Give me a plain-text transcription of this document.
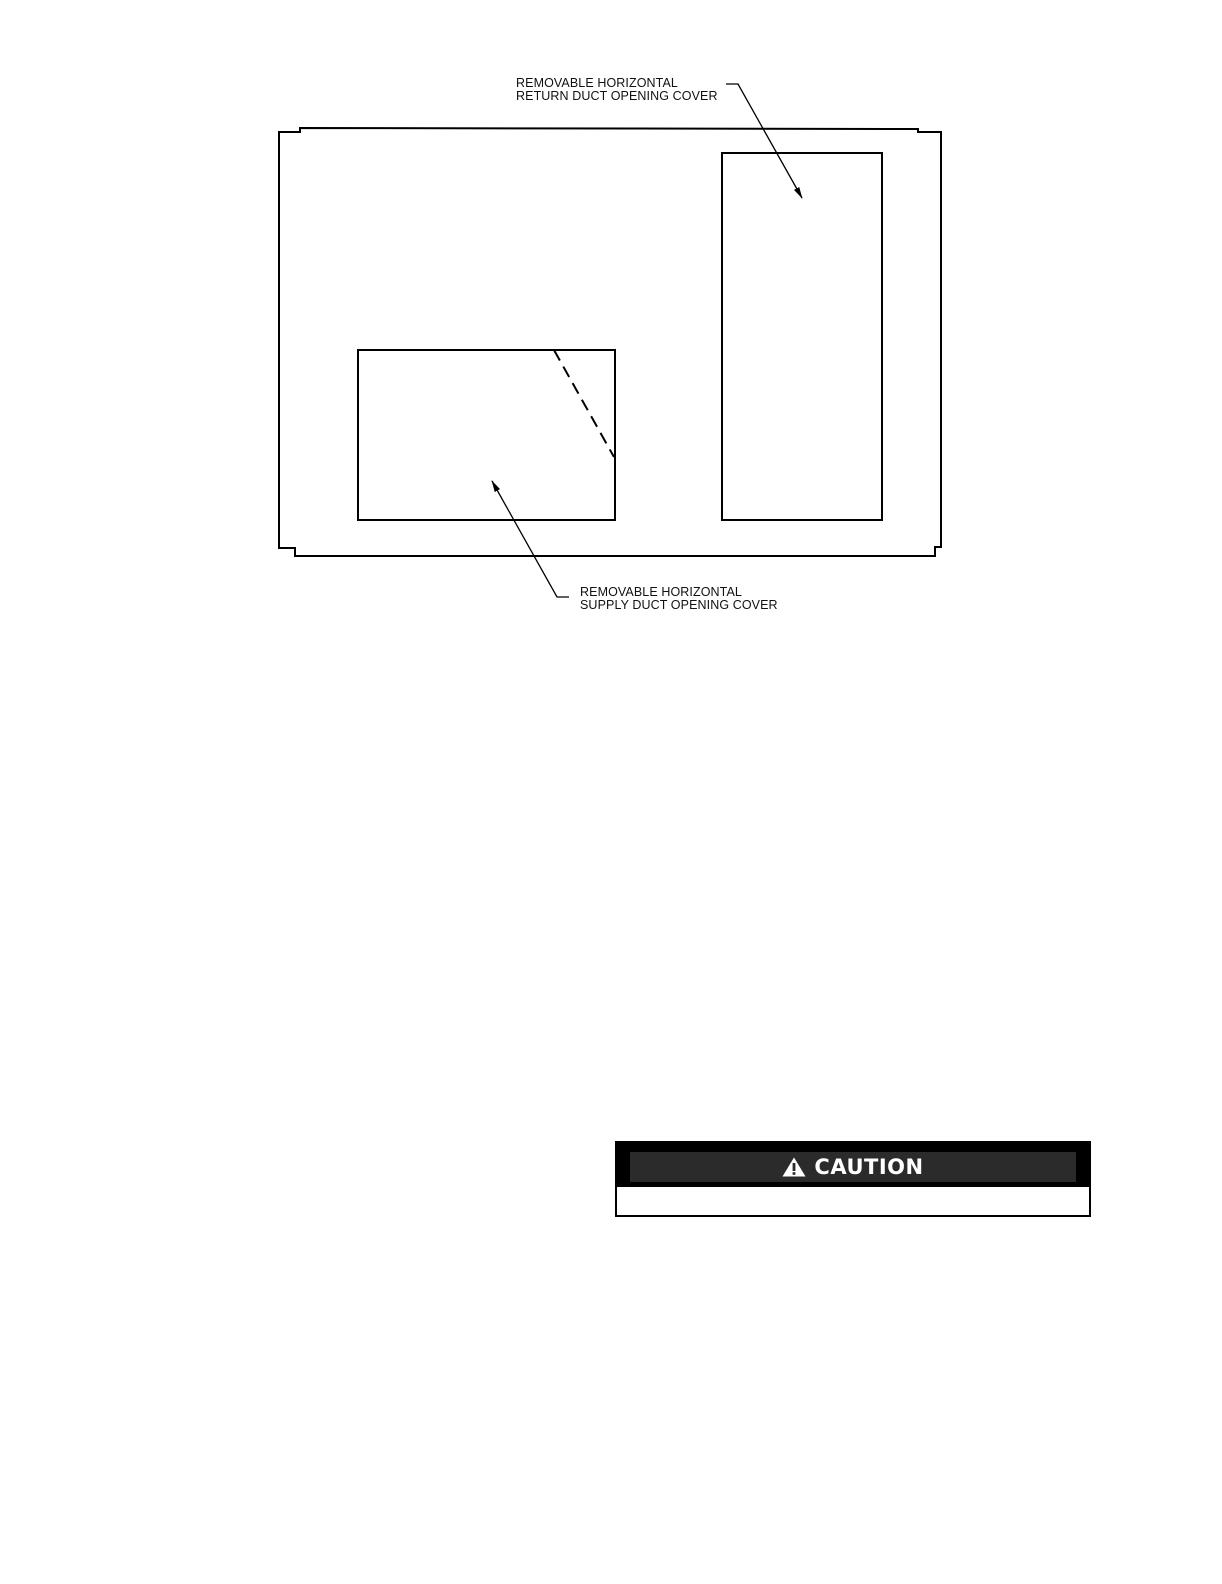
REMOVABLE HORIZONTAL
RETURN DUCT OPENING COVER
REMOVABLE HORIZONTAL
SUPPLY DUCT OPENING COVER
CAUTION
